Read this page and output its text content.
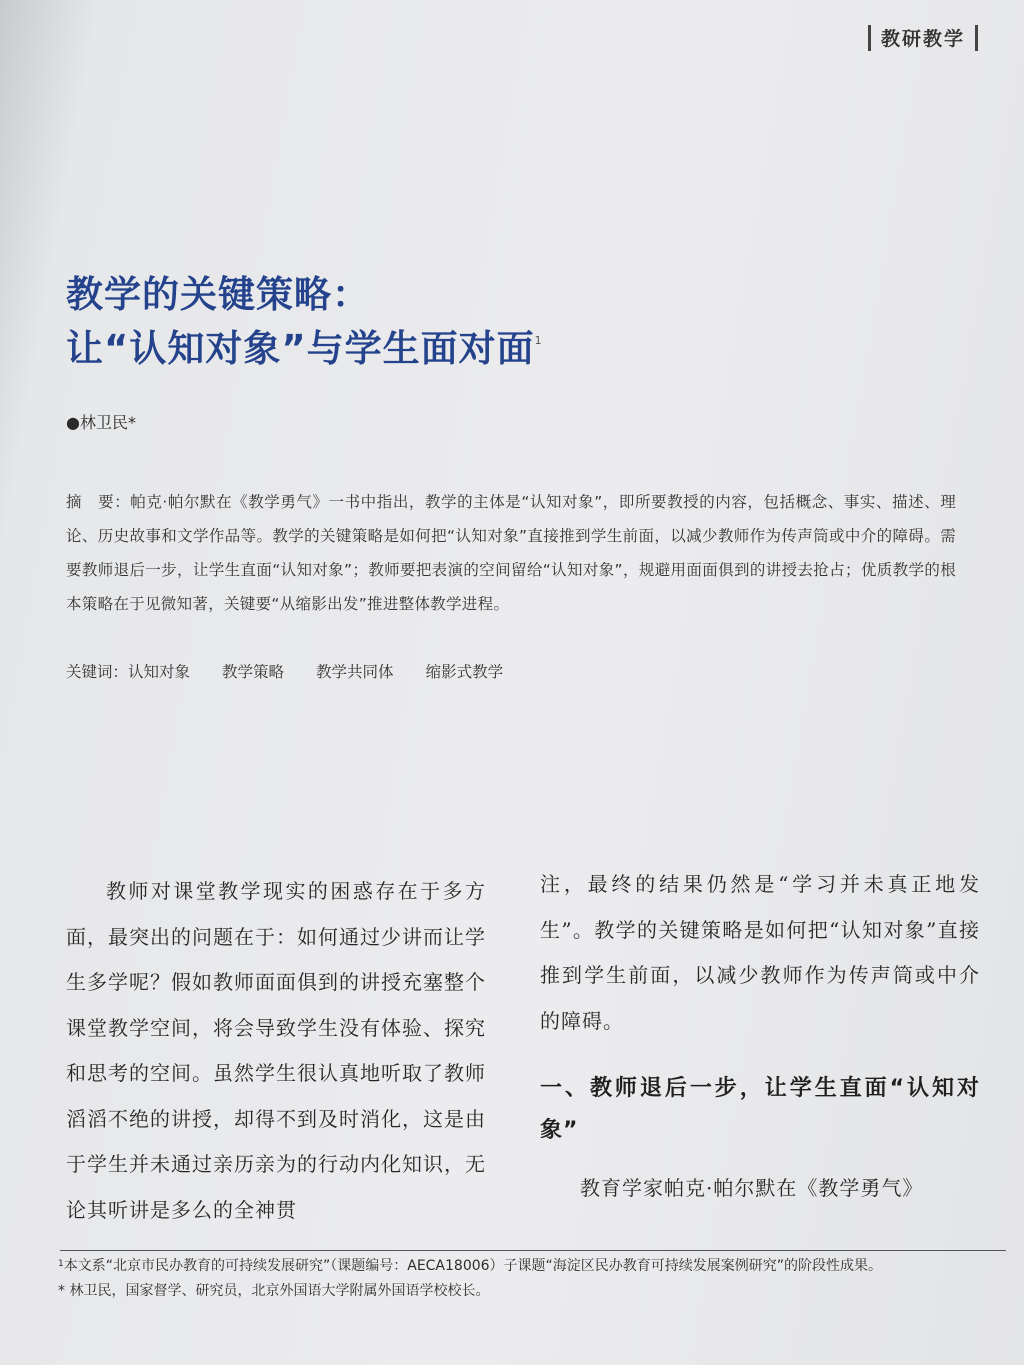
教研教学
教学的关键策略：
让“认知对象”与学生面对面$^1$
●林卫民*
摘　要：帕克·帕尔默在《教学勇气》一书中指出，教学的主体是“认知对象”，即所要教授的内容，包括概念、事实、描述、理论、历史故事和文学作品等。教学的关键策略是如何把“认知对象”直接推到学生前面，以减少教师作为传声筒或中介的障碍。需要教师退后一步，让学生直面“认知对象”；教师要把表演的空间留给“认知对象”，规避用面面俱到的讲授去抢占；优质教学的根本策略在于见微知著，关键要“从缩影出发”推进整体教学进程。
关键词： 认知对象 教学策略 教学共同体 缩影式教学
教师对课堂教学现实的困惑存在于多方面，最突出的问题在于：如何通过少讲而让学生多学呢？假如教师面面俱到的讲授充塞整个课堂教学空间，将会导致学生没有体验、探究和思考的空间。虽然学生很认真地听取了教师滔滔不绝的讲授，却得不到及时消化，这是由于学生并未通过亲历亲为的行动内化知识，无论其听讲是多么的全神贯
注，最终的结果仍然是“学习并未真正地发生”。教学的关键策略是如何把“认知对象”直接推到学生前面，以减少教师作为传声筒或中介的障碍。
一、教师退后一步，让学生直面“认知对象”
教育学家帕克·帕尔默在《教学勇气》
$^1$本文系“北京市民办教育的可持续发展研究”（课题编号：AECA18006）子课题“海淀区民办教育可持续发展案例研究”的阶段性成果。
* 林卫民，国家督学、研究员，北京外国语大学附属外国语学校校长。
